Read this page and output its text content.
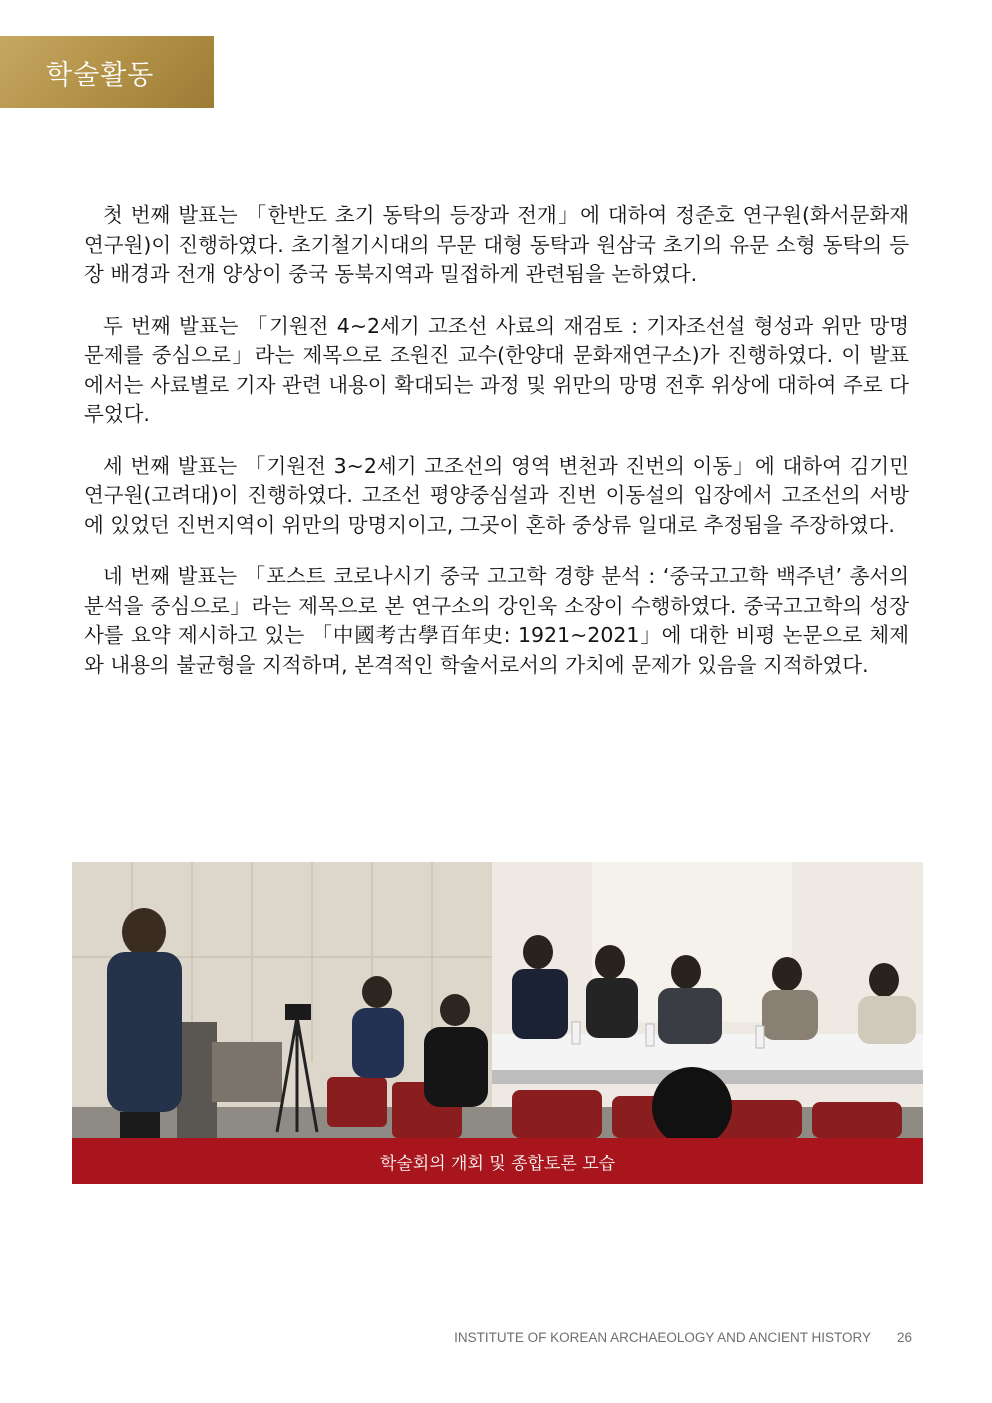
학술활동

첫 번째 발표는 「한반도 초기 동탁의 등장과 전개」에 대하여 정준호 연구원(화서문화재연구원)이 진행하였다. 초기철기시대의 무문 대형 동탁과 원삼국 초기의 유문 소형 동탁의 등장 배경과 전개 양상이 중국 동북지역과 밀접하게 관련됨을 논하였다.

두 번째 발표는 「기원전 4~2세기 고조선 사료의 재검토 : 기자조선설 형성과 위만 망명 문제를 중심으로」라는 제목으로 조원진 교수(한양대 문화재연구소)가 진행하였다. 이 발표에서는 사료별로 기자 관련 내용이 확대되는 과정 및 위만의 망명 전후 위상에 대하여 주로 다루었다.

세 번째 발표는 「기원전 3~2세기 고조선의 영역 변천과 진번의 이동」에 대하여 김기민 연구원(고려대)이 진행하였다. 고조선 평양중심설과 진번 이동설의 입장에서 고조선의 서방에 있었던 진번지역이 위만의 망명지이고, 그곳이 혼하 중상류 일대로 추정됨을 주장하였다.

네 번째 발표는 「포스트 코로나시기 중국 고고학 경향 분석 : ‘중국고고학 백주년’ 총서의 분석을 중심으로」라는 제목으로 본 연구소의 강인욱 소장이 수행하였다. 중국고고학의 성장사를 요약 제시하고 있는 「中國考古學百年史: 1921~2021」에 대한 비평 논문으로 체제와 내용의 불균형을 지적하며, 본격적인 학술서로서의 가치에 문제가 있음을 지적하였다.

학술회의 개회 및 종합토론 모습
INSTITUTE OF KOREAN ARCHAEOLOGY AND ANCIENT HISTORY 26
